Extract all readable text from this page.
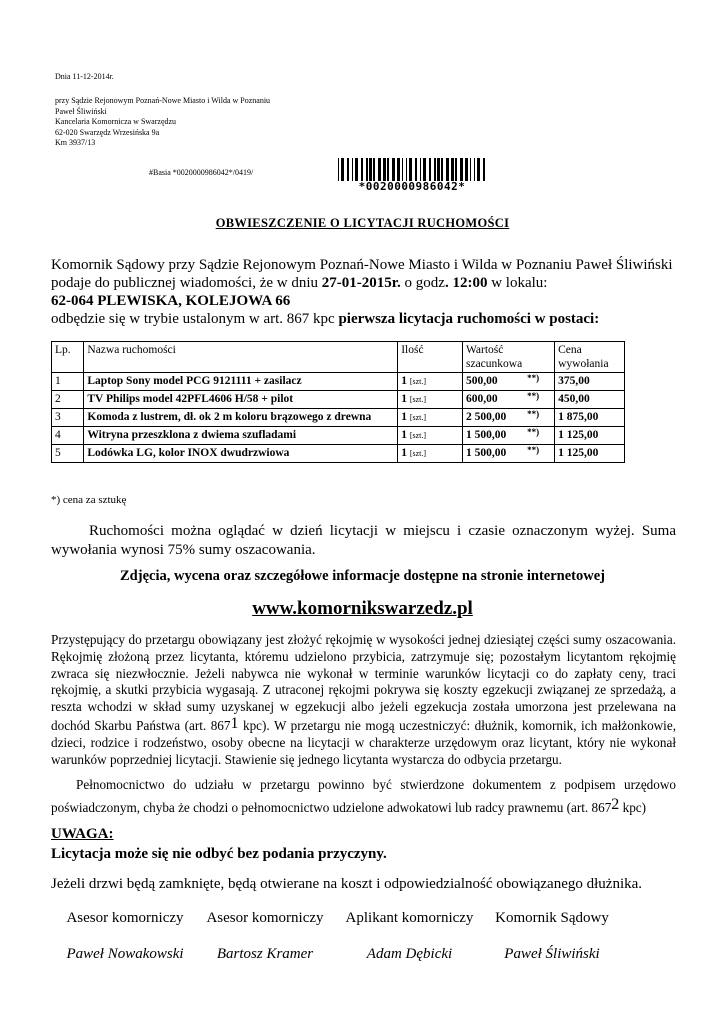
Dnia 11-12-2014r.
przy Sądzie Rejonowym Poznań-Nowe Miasto i Wilda w Poznaniu
Paweł Śliwiński
Kancelaria Komornicza w Swarzędzu
62-020 Swarzędz Wrzesińska 9a
Km 3937/13
#Basia *0020000986042*/0419/
*0020000986042*
OBWIESZCZENIE O LICYTACJI RUCHOMOŚCI
Komornik Sądowy przy Sądzie Rejonowym Poznań-Nowe Miasto i Wilda w Poznaniu Paweł Śliwiński
podaje do publicznej wiadomości, że w dniu 27-01-2015r. o godz. 12:00 w lokalu:
62-064 PLEWISKA, KOLEJOWA 66
odbędzie się w trybie ustalonym w art. 867 kpc pierwsza licytacja ruchomości w postaci:
Lp.	Nazwa ruchomości	Ilość	Wartość szacunkowa	Cena wywołania
1	Laptop Sony model PCG 9121111 + zasilacz	1 [szt.]	500,00 **)	375,00
2	TV Philips model 42PFL4606 H/58 + pilot	1 [szt.]	600,00 **)	450,00
3	Komoda z lustrem, dł. ok 2 m koloru brązowego z drewna	1 [szt.]	2 500,00 **)	1 875,00
4	Witryna przeszklona z dwiema szufladami	1 [szt.]	1 500,00 **)	1 125,00
5	Lodówka LG, kolor INOX dwudrzwiowa	1 [szt.]	1 500,00 **)	1 125,00
*) cena za sztukę
Ruchomości można oglądać w dzień licytacji w miejscu i czasie oznaczonym wyżej. Suma wywołania wynosi 75% sumy oszacowania.
Zdjęcia, wycena oraz szczegółowe informacje dostępne na stronie internetowej
www.komornikswarzedz.pl
Przystępujący do przetargu obowiązany jest złożyć rękojmię w wysokości jednej dziesiątej części sumy oszacowania. Rękojmię złożoną przez licytanta, któremu udzielono przybicia, zatrzymuje się; pozostałym licytantom rękojmię zwraca się niezwłocznie. Jeżeli nabywca nie wykonał w terminie warunków licytacji co do zapłaty ceny, traci rękojmię, a skutki przybicia wygasają. Z utraconej rękojmi pokrywa się koszty egzekucji związanej ze sprzedażą, a reszta wchodzi w skład sumy uzyskanej w egzekucji albo jeżeli egzekucja została umorzona jest przelewana na dochód Skarbu Państwa (art. 8671 kpc). W przetargu nie mogą uczestniczyć: dłużnik, komornik, ich małżonkowie, dzieci, rodzice i rodzeństwo, osoby obecne na licytacji w charakterze urzędowym oraz licytant, który nie wykonał warunków poprzedniej licytacji. Stawienie się jednego licytanta wystarcza do odbycia przetargu.
Pełnomocnictwo do udziału w przetargu powinno być stwierdzone dokumentem z podpisem urzędowo poświadczonym, chyba że chodzi o pełnomocnictwo udzielone adwokatowi lub radcy prawnemu (art. 8672 kpc)
UWAGA:
Licytacja może się nie odbyć bez podania przyczyny.
Jeżeli drzwi będą zamknięte, będą otwierane na koszt i odpowiedzialność obowiązanego dłużnika.
Asesor komorniczy	Asesor komorniczy	Aplikant komorniczy	Komornik Sądowy
Paweł Nowakowski	Bartosz Kramer	Adam Dębicki	Paweł Śliwiński
